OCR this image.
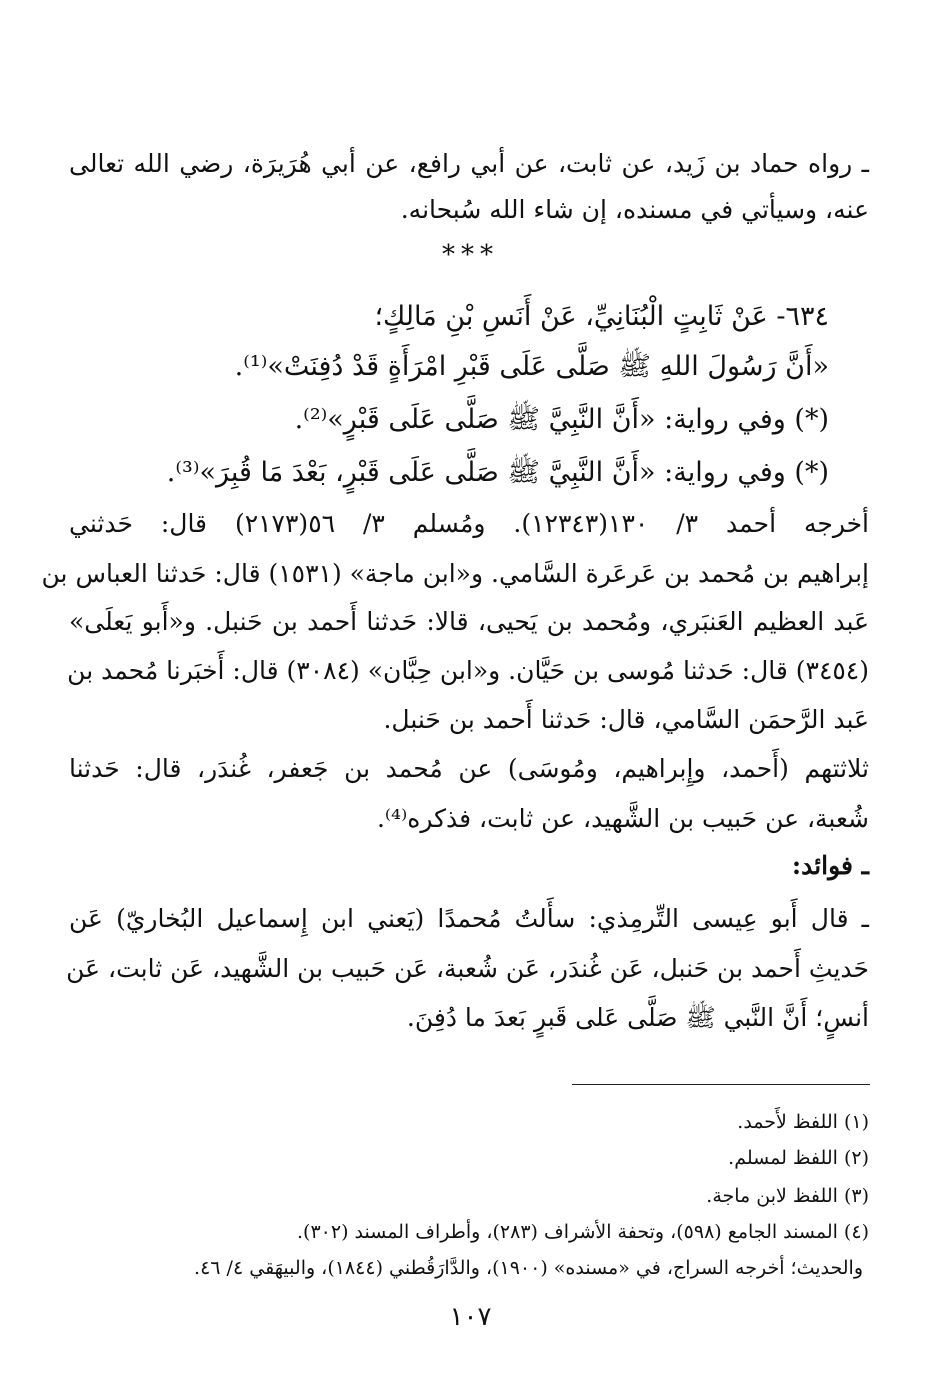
ـ رواه حماد بن زَيد، عن ثابت، عن أبي رافع، عن أبي هُرَيرَة، رضي الله تعالى
عنه، وسيأتي في مسنده، إن شاء الله سُبحانه.
***
٦٣٤- عَنْ ثَابِتٍ الْبُنَانِيِّ، عَنْ أَنَسِ بْنِ مَالِكٍ؛
«أَنَّ رَسُولَ اللهِ ﷺ صَلَّى عَلَى قَبْرِ امْرَأَةٍ قَدْ دُفِنَتْ»⁽¹⁾.
(*) وفي رواية: «أَنَّ النَّبِيَّ ﷺ صَلَّى عَلَى قَبْرٍ»⁽²⁾.
(*) وفي رواية: «أَنَّ النَّبِيَّ ﷺ صَلَّى عَلَى قَبْرٍ، بَعْدَ مَا قُبِرَ»⁽³⁾.
أخرجه أحمد ٣/ ١٣٠(١٢٣٤٣). ومُسلم ٣/ ٥٦(٢١٧٣) قال: حَدثني
إبراهيم بن مُحمد بن عَرعَرة السَّامي. و«ابن ماجة» (١٥٣١) قال: حَدثنا العباس بن
عَبد العظيم العَنبَري، ومُحمد بن يَحيى، قالا: حَدثنا أَحمد بن حَنبل. و«أَبو يَعلَى»
(٣٤٥٤) قال: حَدثنا مُوسى بن حَيَّان. و«ابن حِبَّان» (٣٠٨٤) قال: أَخبَرنا مُحمد بن
عَبد الرَّحمَن السَّامي، قال: حَدثنا أَحمد بن حَنبل.
ثلاثتهم (أَحمد، وإِبراهيم، ومُوسَى) عن مُحمد بن جَعفر، غُندَر، قال: حَدثنا
شُعبة، عن حَبيب بن الشَّهيد، عن ثابت، فذكره⁽⁴⁾.
ـ فوائد:
ـ قال أَبو عِيسى التِّرمِذي: سأَلتُ مُحمدًا (يَعني ابن إِسماعيل البُخاريّ) عَن
حَديثِ أَحمد بن حَنبل، عَن غُندَر، عَن شُعبة، عَن حَبيب بن الشَّهيد، عَن ثابت، عَن
أنسٍ؛ أَنَّ النَّبي ﷺ صَلَّى عَلى قَبرٍ بَعدَ ما دُفِنَ.
(١) اللفظ لأَحمد.
(٢) اللفظ لمسلم.
(٣) اللفظ لابن ماجة.
(٤) المسند الجامع (٥٩٨)، وتحفة الأشراف (٢٨٣)، وأطراف المسند (٣٠٢).
والحديث؛ أخرجه السراج، في «مسنده» (١٩٠٠)، والدَّارَقُطني (١٨٤٤)، والبيهَقي ٤/ ٤٦.
١٠٧
